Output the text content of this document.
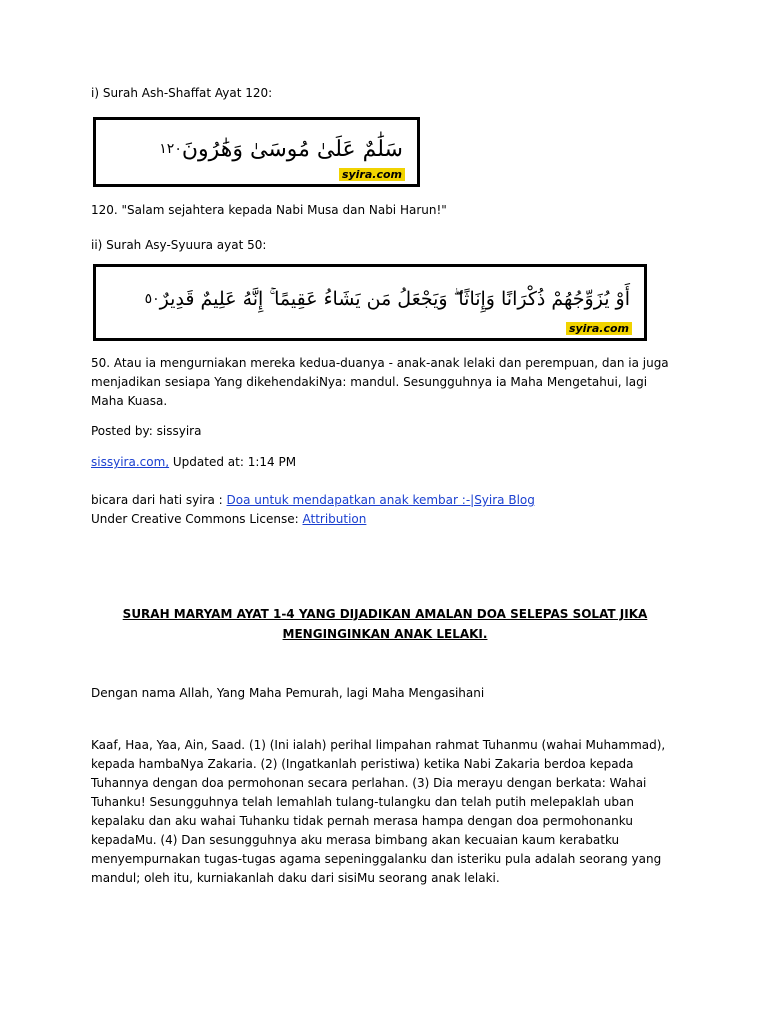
i) Surah Ash-Shaffat Ayat 120:
سَلَٰمٌ عَلَىٰ مُوسَىٰ وَهَٰرُونَ
١٢٠
syira.com
120. "Salam sejahtera kepada Nabi Musa dan Nabi Harun!"
ii) Surah Asy-Syuura ayat 50:
أَوْ يُزَوِّجُهُمْ ذُكْرَانًا وَإِنَاثًا ۖ وَيَجْعَلُ مَن يَشَاءُ عَقِيمًا ۚ إِنَّهُ عَلِيمٌ قَدِيرٌ
٥٠
syira.com
50. Atau ia mengurniakan mereka kedua-duanya - anak-anak lelaki dan perempuan, dan ia juga menjadikan sesiapa Yang dikehendakiNya: mandul. Sesungguhnya ia Maha Mengetahui, lagi Maha Kuasa.
Posted by: sissyira
sissyira.com, Updated at: 1:14 PM
bicara dari hati syira : Doa untuk mendapatkan anak kembar :-|Syira Blog
Under Creative Commons License: Attribution
SURAH MARYAM AYAT 1-4 YANG DIJADIKAN AMALAN DOA SELEPAS SOLAT JIKA MENGINGINKAN ANAK LELAKI.
Dengan nama Allah, Yang Maha Pemurah, lagi Maha Mengasihani
Kaaf, Haa, Yaa, Ain, Saad. (1) (Ini ialah) perihal limpahan rahmat Tuhanmu (wahai Muhammad), kepada hambaNya Zakaria. (2) (Ingatkanlah peristiwa) ketika Nabi Zakaria berdoa kepada Tuhannya dengan doa permohonan secara perlahan. (3) Dia merayu dengan berkata: Wahai Tuhanku! Sesungguhnya telah lemahlah tulang-tulangku dan telah putih melepaklah uban kepalaku dan aku wahai Tuhanku tidak pernah merasa hampa dengan doa permohonanku kepadaMu. (4) Dan sesungguhnya aku merasa bimbang akan kecuaian kaum kerabatku menyempurnakan tugas-tugas agama sepeninggalanku dan isteriku pula adalah seorang yang mandul; oleh itu, kurniakanlah daku dari sisiMu seorang anak lelaki.
